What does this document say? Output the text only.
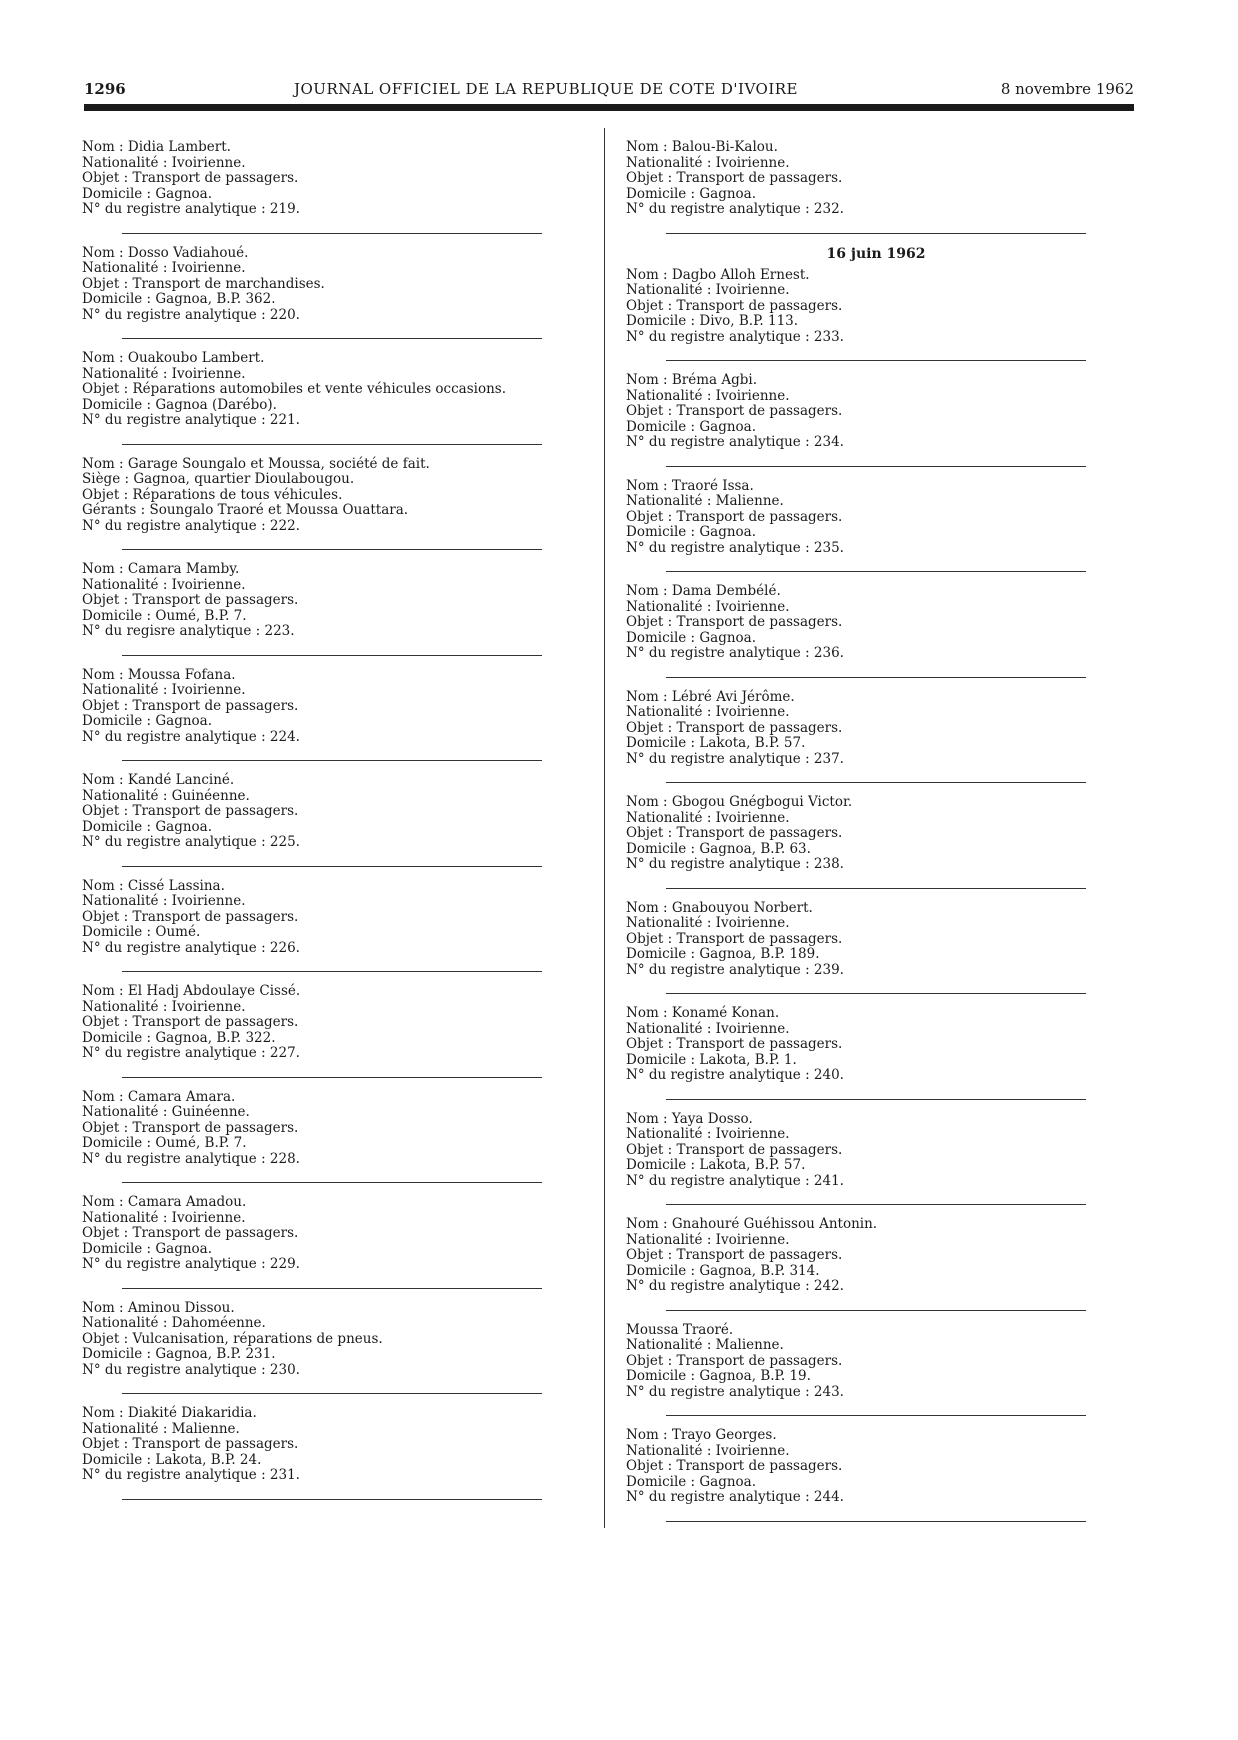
1296	JOURNAL OFFICIEL DE LA REPUBLIQUE DE COTE D'IVOIRE	8 novembre 1962
Nom : Didia Lambert.
Nationalité : Ivoirienne.
Objet : Transport de passagers.
Domicile : Gagnoa.
N° du registre analytique : 219.
Nom : Dosso Vadiahoué.
Nationalité : Ivoirienne.
Objet : Transport de marchandises.
Domicile : Gagnoa, B.P. 362.
N° du registre analytique : 220.
Nom : Ouakoubo Lambert.
Nationalité : Ivoirienne.
Objet : Réparations automobiles et vente véhicules occasions.
Domicile : Gagnoa (Darébo).
N° du registre analytique : 221.
Nom : Garage Soungalo et Moussa, société de fait.
Siège : Gagnoa, quartier Dioulabougou.
Objet : Réparations de tous véhicules.
Gérants : Soungalo Traoré et Moussa Ouattara.
N° du registre analytique : 222.
Nom : Camara Mamby.
Nationalité : Ivoirienne.
Objet : Transport de passagers.
Domicile : Oumé, B.P. 7.
N° du regisre analytique : 223.
Nom : Moussa Fofana.
Nationalité : Ivoirienne.
Objet : Transport de passagers.
Domicile : Gagnoa.
N° du registre analytique : 224.
Nom : Kandé Lanciné.
Nationalité : Guinéenne.
Objet : Transport de passagers.
Domicile : Gagnoa.
N° du registre analytique : 225.
Nom : Cissé Lassina.
Nationalité : Ivoirienne.
Objet : Transport de passagers.
Domicile : Oumé.
N° du registre analytique : 226.
Nom : El Hadj Abdoulaye Cissé.
Nationalité : Ivoirienne.
Objet : Transport de passagers.
Domicile : Gagnoa, B.P. 322.
N° du registre analytique : 227.
Nom : Camara Amara.
Nationalité : Guinéenne.
Objet : Transport de passagers.
Domicile : Oumé, B.P. 7.
N° du registre analytique : 228.
Nom : Camara Amadou.
Nationalité : Ivoirienne.
Objet : Transport de passagers.
Domicile : Gagnoa.
N° du registre analytique : 229.
Nom : Aminou Dissou.
Nationalité : Dahoméenne.
Objet : Vulcanisation, réparations de pneus.
Domicile : Gagnoa, B.P. 231.
N° du registre analytique : 230.
Nom : Diakité Diakaridia.
Nationalité : Malienne.
Objet : Transport de passagers.
Domicile : Lakota, B.P. 24.
N° du registre analytique : 231.
Nom : Balou-Bi-Kalou.
Nationalité : Ivoirienne.
Objet : Transport de passagers.
Domicile : Gagnoa.
N° du registre analytique : 232.
16 juin 1962
Nom : Dagbo Alloh Ernest.
Nationalité : Ivoirienne.
Objet : Transport de passagers.
Domicile : Divo, B.P. 113.
N° du registre analytique : 233.
Nom : Bréma Agbi.
Nationalité : Ivoirienne.
Objet : Transport de passagers.
Domicile : Gagnoa.
N° du registre analytique : 234.
Nom : Traoré Issa.
Nationalité : Malienne.
Objet : Transport de passagers.
Domicile : Gagnoa.
N° du registre analytique : 235.
Nom : Dama Dembélé.
Nationalité : Ivoirienne.
Objet : Transport de passagers.
Domicile : Gagnoa.
N° du registre analytique : 236.
Nom : Lébré Avi Jérôme.
Nationalité : Ivoirienne.
Objet : Transport de passagers.
Domicile : Lakota, B.P. 57.
N° du registre analytique : 237.
Nom : Gbogou Gnégbogui Victor.
Nationalité : Ivoirienne.
Objet : Transport de passagers.
Domicile : Gagnoa, B.P. 63.
N° du registre analytique : 238.
Nom : Gnabouyou Norbert.
Nationalité : Ivoirienne.
Objet : Transport de passagers.
Domicile : Gagnoa, B.P. 189.
N° du registre analytique : 239.
Nom : Konamé Konan.
Nationalité : Ivoirienne.
Objet : Transport de passagers.
Domicile : Lakota, B.P. 1.
N° du registre analytique : 240.
Nom : Yaya Dosso.
Nationalité : Ivoirienne.
Objet : Transport de passagers.
Domicile : Lakota, B.P. 57.
N° du registre analytique : 241.
Nom : Gnahouré Guéhissou Antonin.
Nationalité : Ivoirienne.
Objet : Transport de passagers.
Domicile : Gagnoa, B.P. 314.
N° du registre analytique : 242.
Moussa Traoré.
Nationalité : Malienne.
Objet : Transport de passagers.
Domicile : Gagnoa, B.P. 19.
N° du registre analytique : 243.
Nom : Trayo Georges.
Nationalité : Ivoirienne.
Objet : Transport de passagers.
Domicile : Gagnoa.
N° du registre analytique : 244.
